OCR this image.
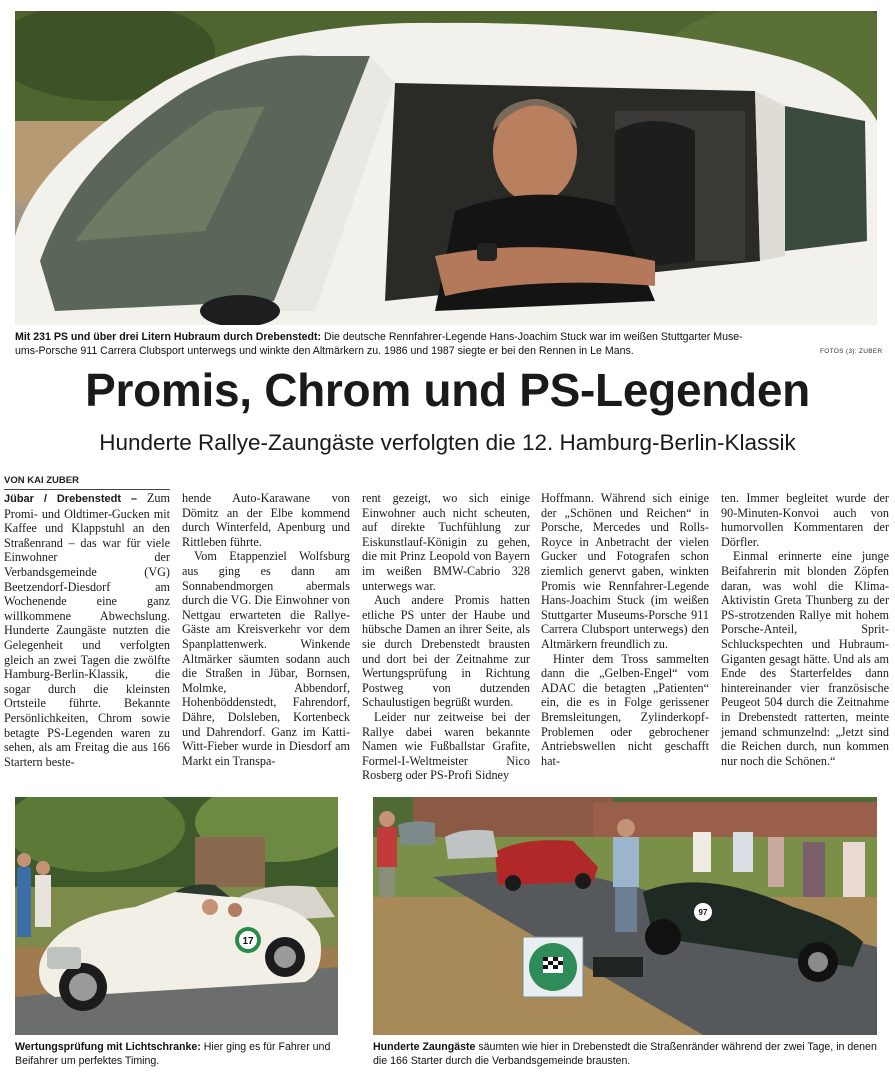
Mit 231 PS und über drei Litern Hubraum durch Drebenstedt: Die deutsche Rennfahrer-Legende Hans-Joachim Stuck war im weißen Stuttgarter Muse-
ums-Porsche 911 Carrera Clubsport unterwegs und winkte den Altmärkern zu. 1986 und 1987 siegte er bei den Rennen in Le Mans.	FOTOS (3): ZUBER
Promis, Chrom und PS-Legenden
Hunderte Rallye-Zaungäste verfolgten die 12. Hamburg-Berlin-Klassik
VON KAI ZUBER

Jübar / Drebenstedt – Zum Promi- und Oldtimer-Gucken mit Kaffee und Klappstuhl an den Straßenrand – das war für viele Einwohner der Verbandsgemeinde (VG) Beetzendorf-Diesdorf am Wochenende eine ganz willkommene Abwechslung. Hunderte Zaungäste nutzten die Gelegenheit und verfolgten gleich an zwei Tagen die zwölfte Hamburg-Berlin-Klassik, die sogar durch die kleinsten Ortsteile führte. Bekannte Persönlichkeiten, Chrom sowie betagte PS-Legenden waren zu sehen, als am Freitag die aus 166 Startern beste-

hende Auto-Karawane von Dömitz an der Elbe kommend durch Winterfeld, Apenburg und Rittleben führte.

Vom Etappenziel Wolfsburg aus ging es dann am Sonnabendmorgen abermals durch die VG. Die Einwohner von Nettgau erwarteten die Rallye-Gäste am Kreisverkehr vor dem Spanplattenwerk. Winkende Altmärker säumten sodann auch die Straßen in Jübar, Bornsen, Molmke, Abbendorf, Hohenböddenstedt, Fahrendorf, Dähre, Dolsleben, Kortenbeck und Dahrendorf. Ganz im Katti-Witt-Fieber wurde in Diesdorf am Markt ein Transpa-

rent gezeigt, wo sich einige Einwohner auch nicht scheuten, auf direkte Tuchfühlung zur Eiskunstlauf-Königin zu gehen, die mit Prinz Leopold von Bayern im weißen BMW-Cabrio 328 unterwegs war.

Auch andere Promis hatten etliche PS unter der Haube und hübsche Damen an ihrer Seite, als sie durch Drebenstedt brausten und dort bei der Zeitnahme zur Wertungsprüfung in Richtung Postweg von dutzenden Schaulustigen begrüßt wurden.

Leider nur zeitweise bei der Rallye dabei waren bekannte Namen wie Fußballstar Grafite, Formel-I-Weltmeister Nico Rosberg oder PS-Profi Sidney

Hoffmann. Während sich einige der „Schönen und Reichen“ in Porsche, Mercedes und Rolls-Royce in Anbetracht der vielen Gucker und Fotografen schon ziemlich genervt gaben, winkten Promis wie Rennfahrer-Legende Hans-Joachim Stuck (im weißen Stuttgarter Museums-Porsche 911 Carrera Clubsport unterwegs) den Altmärkern freundlich zu.

Hinter dem Tross sammelten dann die „Gelben-Engel“ vom ADAC die betagten „Patienten“ ein, die es in Folge gerissener Bremsleitungen, Zylinderkopf-Problemen oder gebrochener Antriebswellen nicht geschafft hat-

ten. Immer begleitet wurde der 90-Minuten-Konvoi auch von humorvollen Kommentaren der Dörfler.

Einmal erinnerte eine junge Beifahrerin mit blonden Zöpfen daran, was wohl die Klima-Aktivistin Greta Thunberg zu der PS-strotzenden Rallye mit hohem Porsche-Anteil, Sprit-Schluckspechten und Hubraum-Giganten gesagt hätte. Und als am Ende des Starterfeldes dann hintereinander vier französische Peugeot 504 durch die Zeitnahme in Drebenstedt ratterten, meinte jemand schmunzelnd: „Jetzt sind die Reichen durch, nun kommen nur noch die Schönen.“

17
97
Wertungsprüfung mit Lichtschranke: Hier ging es für Fahrer und Beifahrer um perfektes Timing.
Hunderte Zaungäste säumten wie hier in Drebenstedt die Straßenränder während der zwei Tage, in denen die 166 Starter durch die Verbandsgemeinde brausten.
